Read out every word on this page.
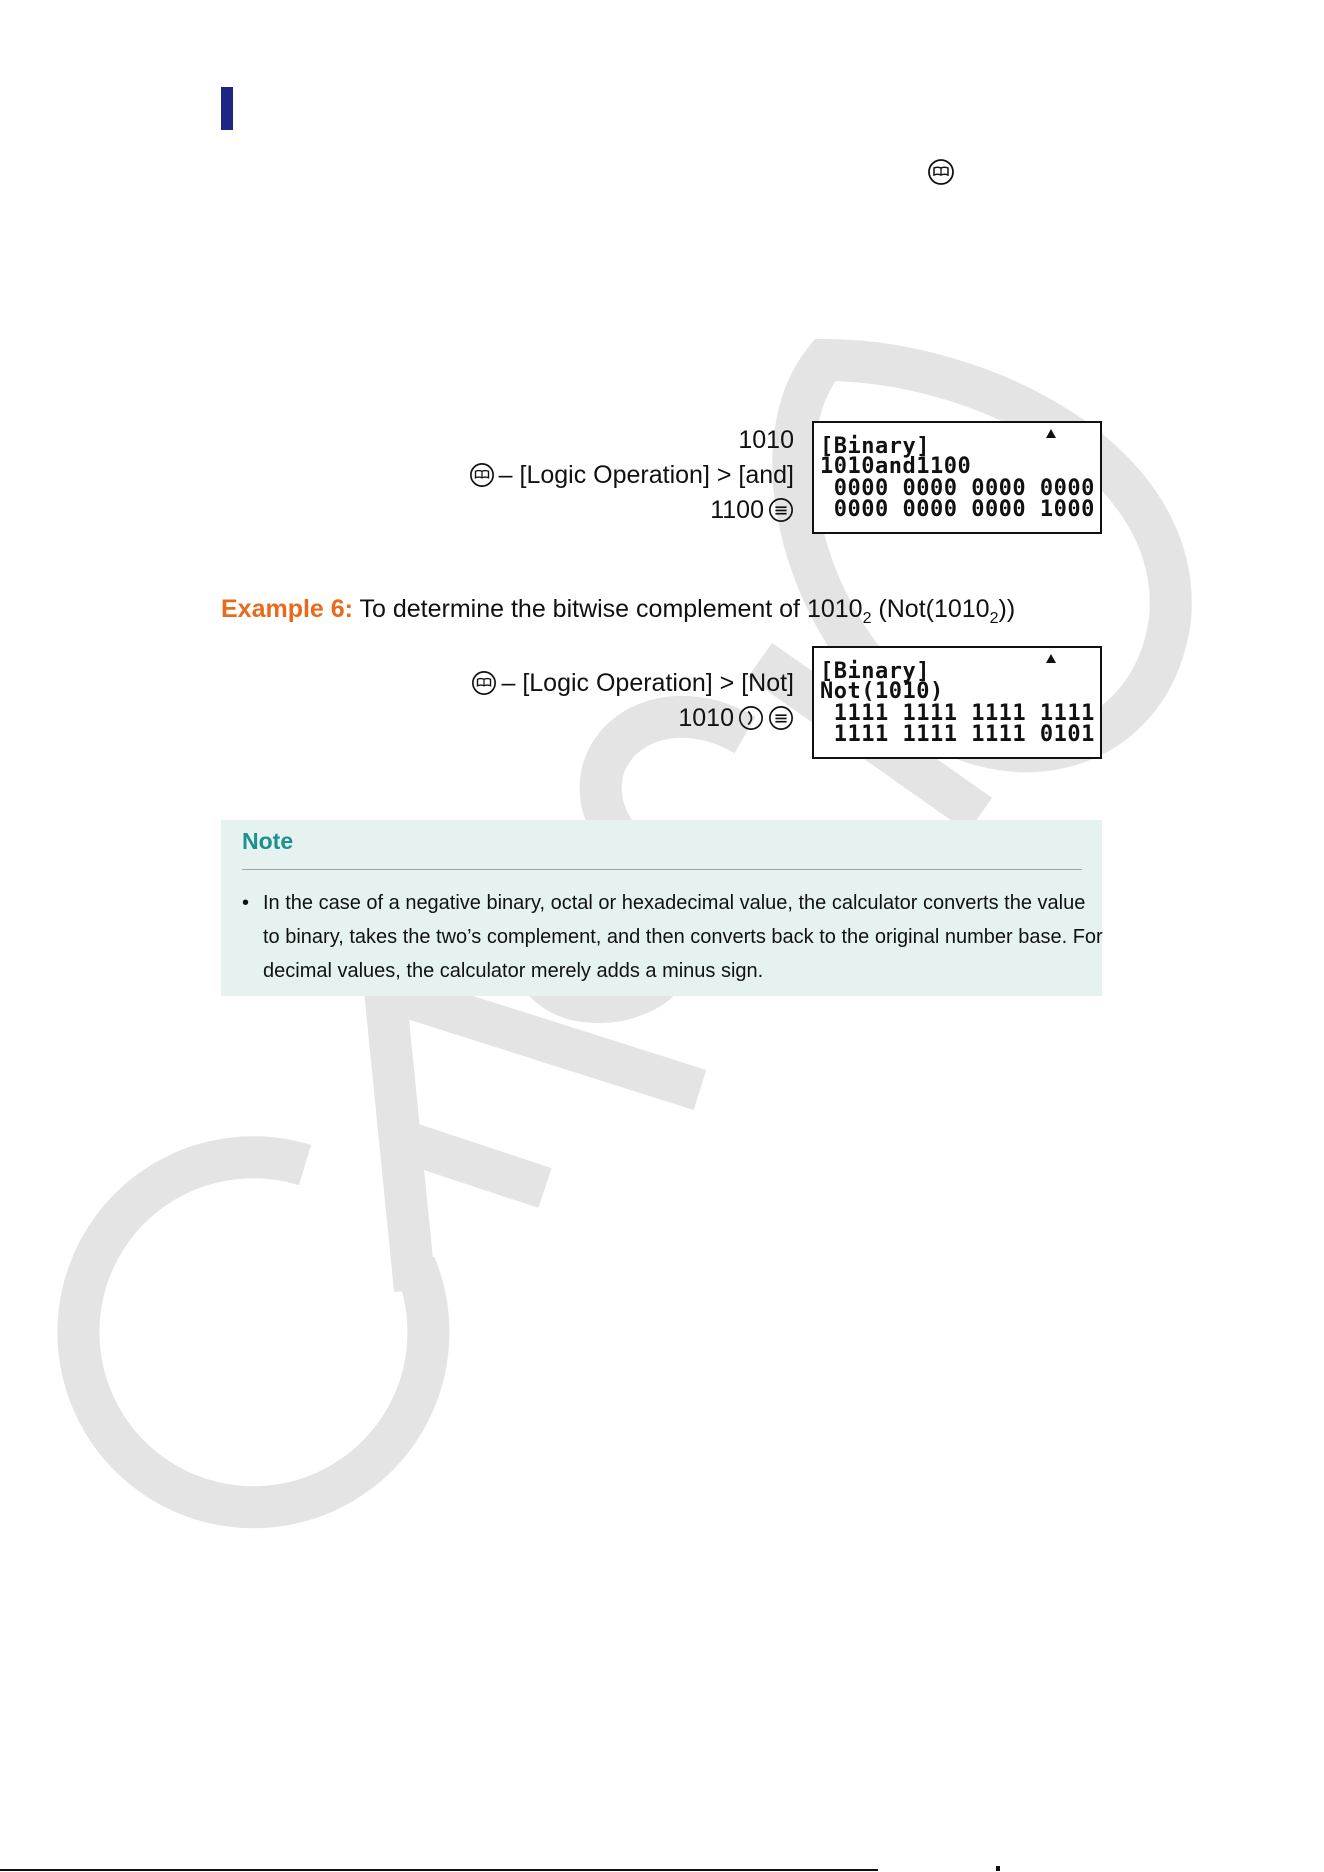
1010
– [Logic Operation] > [and]
1100
[Binary]
1010and1100
0000 0000 0000 0000
0000 0000 0000 1000
Example 6: To determine the bitwise complement of $1010_2$ $(Not(1010_2))$
– [Logic Operation] > [Not]
1010
[Binary]
Not(1010)
1111 1111 1111 1111
1111 1111 1111 0101
Note
• In the case of a negative binary, octal or hexadecimal value, the calculator converts the value to binary, takes the two’s complement, and then converts back to the original number base. For decimal values, the calculator merely adds a minus sign.
